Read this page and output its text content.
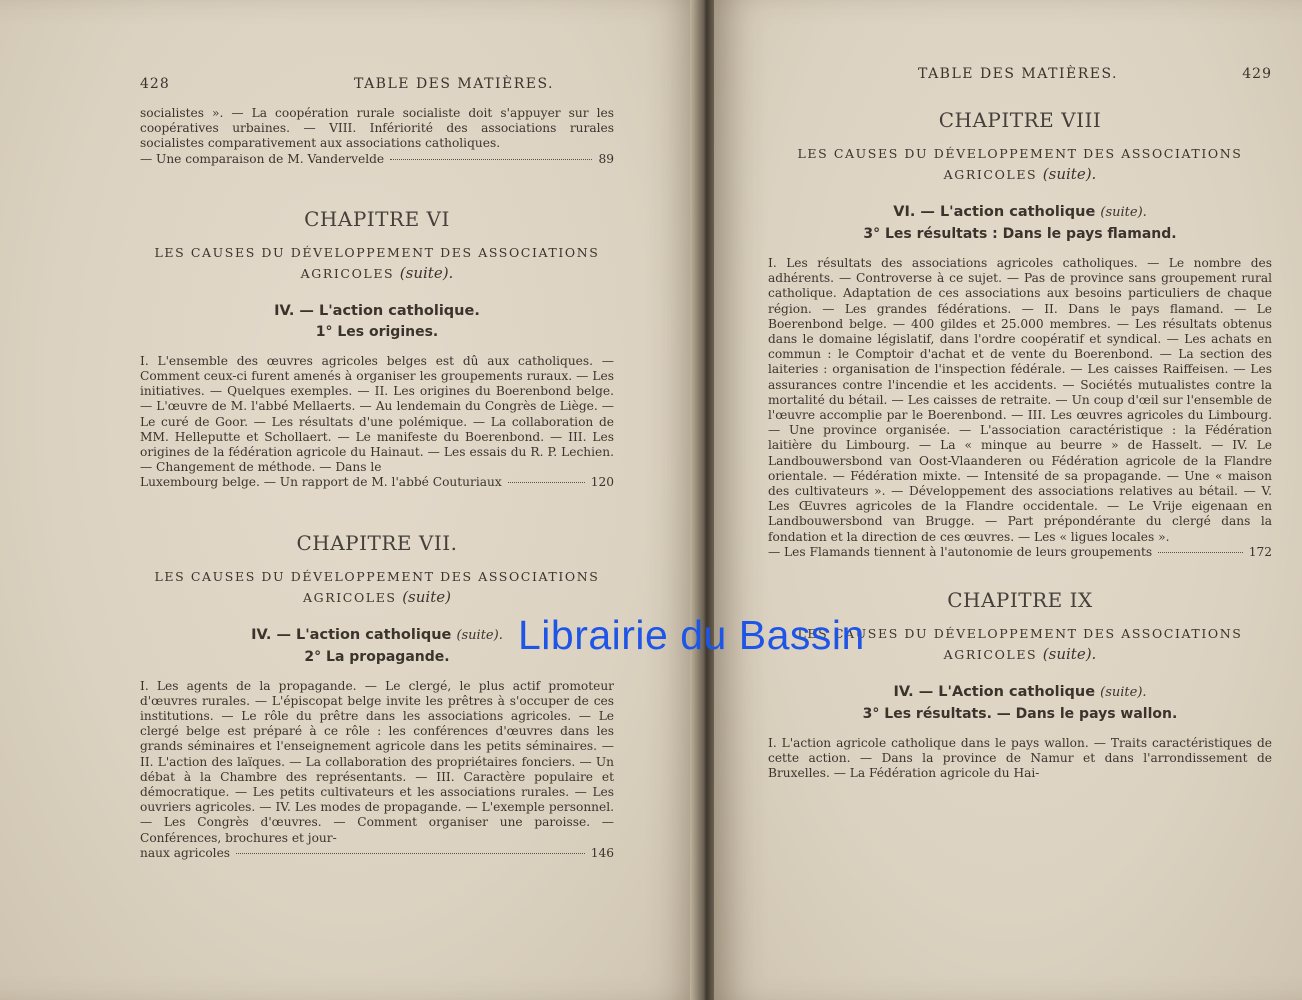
428	TABLE DES MATIÈRES.

socialistes ». — La coopération rurale socialiste doit s'appuyer sur les coopératives urbaines. — VIII. Infériorité des associations rurales socialistes comparativement aux associations catholiques.

— Une comparaison de M. Vandervelde	89
CHAPITRE VI
LES CAUSES DU DÉVELOPPEMENT DES ASSOCIATIONS AGRICOLES (suite).
IV. — L'action catholique.
1° Les origines.

I. L'ensemble des œuvres agricoles belges est dû aux catholiques. — Comment ceux-ci furent amenés à organiser les groupements ruraux. — Les initiatives. — Quelques exemples. — II. Les origines du Boerenbond belge. — L'œuvre de M. l'abbé Mellaerts. — Au lendemain du Congrès de Liège. — Le curé de Goor. — Les résultats d'une polémique. — La collaboration de MM. Helleputte et Schollaert. — Le manifeste du Boerenbond. — III. Les origines de la fédération agricole du Hainaut. — Les essais du R. P. Lechien. — Changement de méthode. — Dans le

Luxembourg belge. — Un rapport de M. l'abbé Couturiaux	120
CHAPITRE VII.
LES CAUSES DU DÉVELOPPEMENT DES ASSOCIATIONS AGRICOLES (suite)
IV. — L'action catholique (suite).
2° La propagande.

I. Les agents de la propagande. — Le clergé, le plus actif promoteur d'œuvres rurales. — L'épiscopat belge invite les prêtres à s'occuper de ces institutions. — Le rôle du prêtre dans les associations agricoles. — Le clergé belge est préparé à ce rôle : les conférences d'œuvres dans les grands séminaires et l'enseignement agricole dans les petits séminaires. — II. L'action des laïques. — La collaboration des propriétaires fonciers. — Un débat à la Chambre des représentants. — III. Caractère populaire et démocratique. — Les petits cultivateurs et les associations rurales. — Les ouvriers agricoles. — IV. Les modes de propagande. — L'exemple personnel. — Les Congrès d'œuvres. — Comment organiser une paroisse. — Conférences, brochures et jour-

naux agricoles	146
TABLE DES MATIÈRES.	429
CHAPITRE VIII
LES CAUSES DU DÉVELOPPEMENT DES ASSOCIATIONS AGRICOLES (suite).
VI. — L'action catholique (suite).
3° Les résultats : Dans le pays flamand.

I. Les résultats des associations agricoles catholiques. — Le nombre des adhérents. — Controverse à ce sujet. — Pas de province sans groupement rural catholique. Adaptation de ces associations aux besoins particuliers de chaque région. — Les grandes fédérations. — II. Dans le pays flamand. — Le Boerenbond belge. — 400 gildes et 25.000 membres. — Les résultats obtenus dans le domaine législatif, dans l'ordre coopératif et syndical. — Les achats en commun : le Comptoir d'achat et de vente du Boerenbond. — La section des laiteries : organisation de l'inspection fédérale. — Les caisses Raiffeisen. — Les assurances contre l'incendie et les accidents. — Sociétés mutualistes contre la mortalité du bétail. — Les caisses de retraite. — Un coup d'œil sur l'ensemble de l'œuvre accomplie par le Boerenbond. — III. Les œuvres agricoles du Limbourg. — Une province organisée. — L'association caractéristique : la Fédération laitière du Limbourg. — La « minque au beurre » de Hasselt. — IV. Le Landbouwersbond van Oost-Vlaanderen ou Fédération agricole de la Flandre orientale. — Fédération mixte. — Intensité de sa propagande. — Une « maison des cultivateurs ». — Développement des associations relatives au bétail. — V. Les Œuvres agricoles de la Flandre occidentale. — Le Vrije eigenaan en Landbouwersbond van Brugge. — Part prépondérante du clergé dans la fondation et la direction de ces œuvres. — Les « ligues locales ».

— Les Flamands tiennent à l'autonomie de leurs groupements	172
CHAPITRE IX
LES CAUSES DU DÉVELOPPEMENT DES ASSOCIATIONS AGRICOLES (suite).
IV. — L'Action catholique (suite).
3° Les résultats. — Dans le pays wallon.

I. L'action agricole catholique dans le pays wallon. — Traits caractéristiques de cette action. — Dans la province de Namur et dans l'arrondissement de Bruxelles. — La Fédération agricole du Hai-

Librairie du Bassin
